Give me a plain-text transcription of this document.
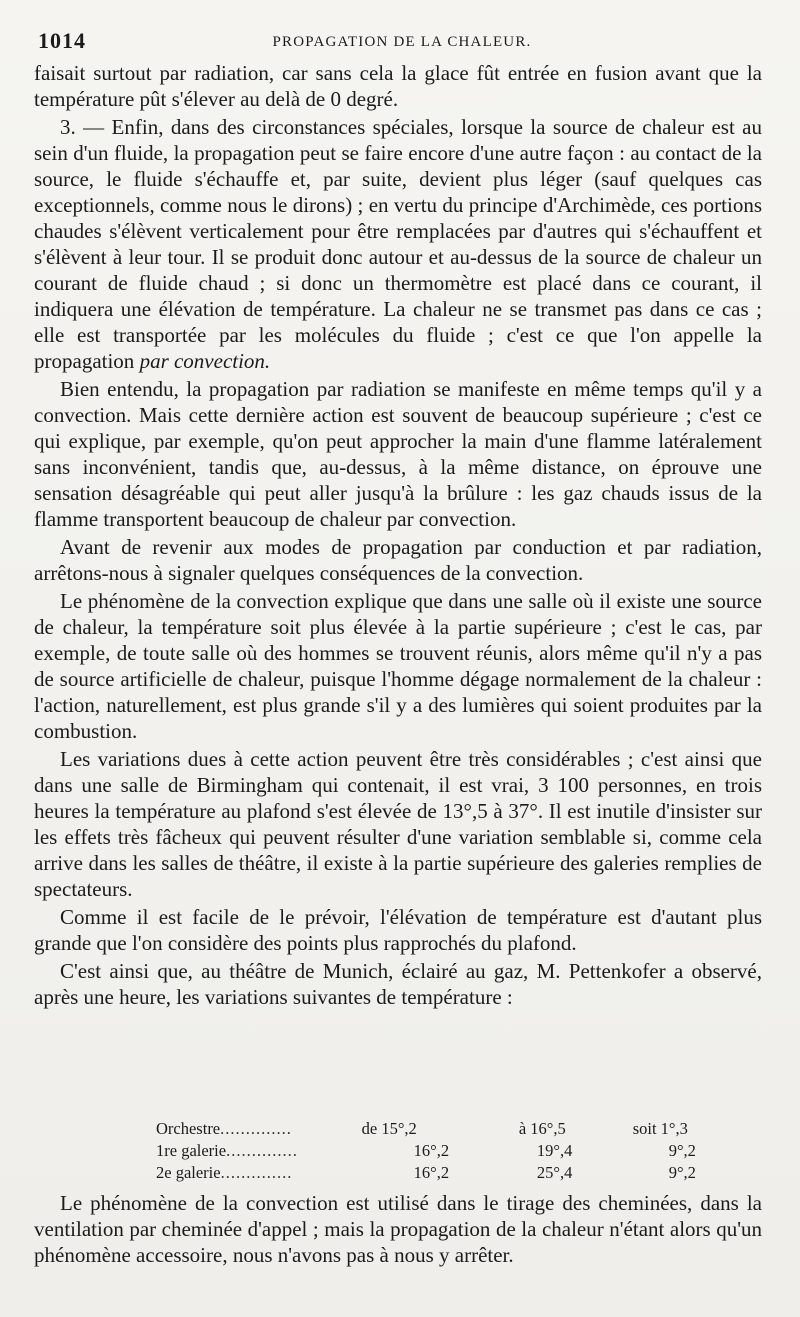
1014	PROPAGATION DE LA CHALEUR.

faisait surtout par radiation, car sans cela la glace fût entrée en fusion avant que la température pût s'élever au delà de 0 degré.

3. — Enfin, dans des circonstances spéciales, lorsque la source de chaleur est au sein d'un fluide, la propagation peut se faire encore d'une autre façon : au contact de la source, le fluide s'échauffe et, par suite, devient plus léger (sauf quelques cas exceptionnels, comme nous le dirons) ; en vertu du principe d'Archimède, ces portions chaudes s'élèvent verticalement pour être remplacées par d'autres qui s'échauffent et s'élèvent à leur tour. Il se produit donc autour et au-dessus de la source de chaleur un courant de fluide chaud ; si donc un thermomètre est placé dans ce courant, il indiquera une élévation de température. La chaleur ne se transmet pas dans ce cas ; elle est transportée par les molécules du fluide ; c'est ce que l'on appelle la propagation par convection.

Bien entendu, la propagation par radiation se manifeste en même temps qu'il y a convection. Mais cette dernière action est souvent de beaucoup supérieure ; c'est ce qui explique, par exemple, qu'on peut approcher la main d'une flamme latéralement sans inconvénient, tandis que, au-dessus, à la même distance, on éprouve une sensation désagréable qui peut aller jusqu'à la brûlure : les gaz chauds issus de la flamme transportent beaucoup de chaleur par convection.

Avant de revenir aux modes de propagation par conduction et par radiation, arrêtons-nous à signaler quelques conséquences de la convection.

Le phénomène de la convection explique que dans une salle où il existe une source de chaleur, la température soit plus élevée à la partie supérieure ; c'est le cas, par exemple, de toute salle où des hommes se trouvent réunis, alors même qu'il n'y a pas de source artificielle de chaleur, puisque l'homme dégage normalement de la chaleur : l'action, naturellement, est plus grande s'il y a des lumières qui soient produites par la combustion.

Les variations dues à cette action peuvent être très considérables ; c'est ainsi que dans une salle de Birmingham qui contenait, il est vrai, 3 100 personnes, en trois heures la température au plafond s'est élevée de 13°,5 à 37°. Il est inutile d'insister sur les effets très fâcheux qui peuvent résulter d'une variation semblable si, comme cela arrive dans les salles de théâtre, il existe à la partie supérieure des galeries remplies de spectateurs.

Comme il est facile de le prévoir, l'élévation de température est d'autant plus grande que l'on considère des points plus rapprochés du plafond.

C'est ainsi que, au théâtre de Munich, éclairé au gaz, M. Pettenkofer a observé, après une heure, les variations suivantes de température :

Orchestre..............	de 15°,2	à 16°,5	soit 1°,3
1re galerie..............	16°,2	19°,4	9°,2
2e galerie..............	16°,2	25°,4	9°,2

Le phénomène de la convection est utilisé dans le tirage des cheminées, dans la ventilation par cheminée d'appel ; mais la propagation de la chaleur n'étant alors qu'un phénomène accessoire, nous n'avons pas à nous y arrêter.
